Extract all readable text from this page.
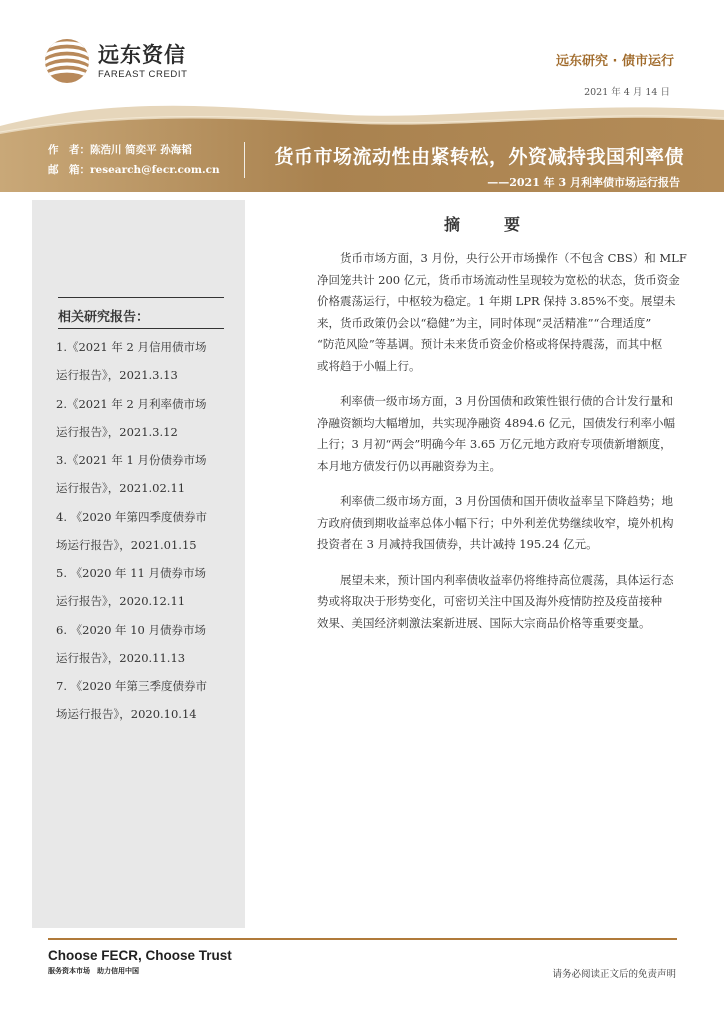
远东资信
FAREAST CREDIT
远东研究 · 债市运行
2021 年 4 月 14 日
作　者：陈浩川 简奕平 孙海韬
邮　箱：research@fecr.com.cn
货币市场流动性由紧转松，外资减持我国利率债
——2021 年 3 月利率债市场运行报告
相关研究报告：
1.《2021 年 2 月信用债市场
运行报告》，2021.3.13
2.《2021 年 2 月利率债市场
运行报告》，2021.3.12
3.《2021 年 1 月份债券市场
运行报告》，2021.02.11
4. 《2020 年第四季度债券市
场运行报告》，2021.01.15
5. 《2020 年 11 月债券市场
运行报告》，2020.12.11
6. 《2020 年 10 月债券市场
运行报告》，2020.11.13
7. 《2020 年第三季度债券市
场运行报告》，2020.10.14
摘　要

货币市场方面，3 月份，央行公开市场操作（不包含 CBS）和 MLF
净回笼共计 200 亿元，货币市场流动性呈现较为宽松的状态，货币资金
价格震荡运行，中枢较为稳定。1 年期 LPR 保持 3.85%不变。展望未
来，货币政策仍会以“稳健”为主，同时体现“灵活精准”“合理适度”
“防范风险”等基调。预计未来货币资金价格或将保持震荡，而其中枢
或将趋于小幅上行。

利率债一级市场方面，3 月份国债和政策性银行债的合计发行量和
净融资额均大幅增加，共实现净融资 4894.6 亿元，国债发行利率小幅
上行；3 月初“两会”明确今年 3.65 万亿元地方政府专项债新增额度，
本月地方债发行仍以再融资券为主。

利率债二级市场方面，3 月份国债和国开债收益率呈下降趋势；地
方政府债到期收益率总体小幅下行；中外利差优势继续收窄，境外机构
投资者在 3 月减持我国债券，共计减持 195.24 亿元。

展望未来，预计国内利率债收益率仍将维持高位震荡，具体运行态
势或将取决于形势变化，可密切关注中国及海外疫情防控及疫苗接种
效果、美国经济刺激法案新进展、国际大宗商品价格等重要变量。

Choose FECR, Choose Trust
服务资本市场　助力信用中国	请务必阅读正文后的免责声明
